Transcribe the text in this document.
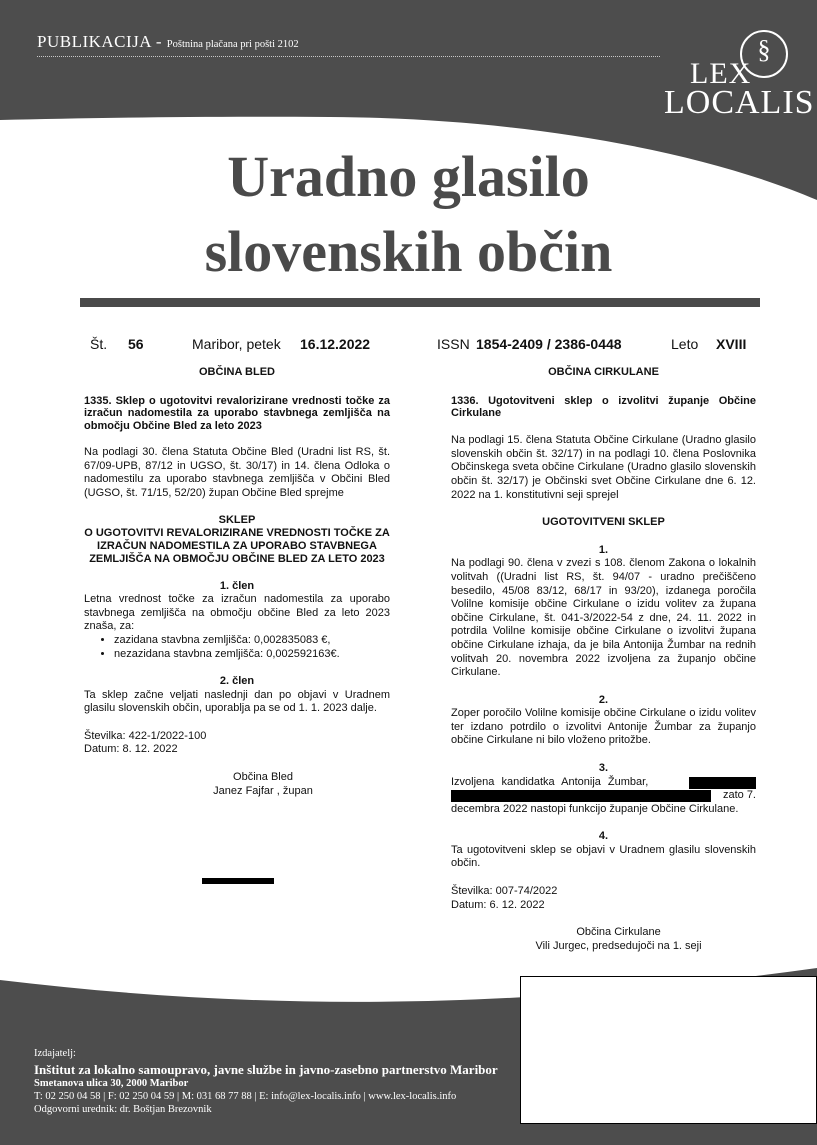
PUBLIKACIJA - Poštnina plačana pri pošti 2102	§
LEX
LOCALIS
Uradno glasilo
slovenskih občin
Št. 56	Maribor, petek 16.12.2022	ISSN 1854-2409 / 2386-0448	Leto XVIII
OBČINA BLED
1335. Sklep o ugotovitvi revalorizirane vrednosti točke za izračun nadomestila za uporabo stavbnega zemljišča na območju Občine Bled za leto 2023
Na podlagi 30. člena Statuta Občine Bled (Uradni list RS, št. 67/09-UPB, 87/12 in UGSO, št. 30/17) in 14. člena Odloka o nadomestilu za uporabo stavbnega zemljišča v Občini Bled (UGSO, št. 71/15, 52/20) župan Občine Bled sprejme
SKLEP
O UGOTOVITVI REVALORIZIRANE VREDNOSTI TOČKE ZA IZRAČUN NADOMESTILA ZA UPORABO STAVBNEGA ZEMLJIŠČA NA OBMOČJU OBČINE BLED ZA LETO 2023
1. člen
Letna vrednost točke za izračun nadomestila za uporabo stavbnega zemljišča na območju občine Bled za leto 2023 znaša, za:
• zazidana stavbna zemljišča: 0,002835083 €,
• nezazidana stavbna zemljišča: 0,002592163€.
2. člen
Ta sklep začne veljati naslednji dan po objavi v Uradnem glasilu slovenskih občin, uporablja pa se od 1. 1. 2023 dalje.
Številka: 422-1/2022-100
Datum: 8. 12. 2022
Občina Bled
Janez Fajfar , župan
OBČINA CIRKULANE
1336. Ugotovitveni sklep o izvolitvi županje Občine Cirkulane
Na podlagi 15. člena Statuta Občine Cirkulane (Uradno glasilo slovenskih občin št. 32/17) in na podlagi 10. člena Poslovnika Občinskega sveta občine Cirkulane (Uradno glasilo slovenskih občin št. 32/17) je Občinski svet Občine Cirkulane dne 6. 12. 2022 na 1. konstitutivni seji sprejel
UGOTOVITVENI SKLEP
1.
Na podlagi 90. člena v zvezi s 108. členom Zakona o lokalnih volitvah ((Uradni list RS, št. 94/07 - uradno prečiščeno besedilo, 45/08 83/12, 68/17 in 93/20), izdanega poročila Volilne komisije občine Cirkulane o izidu volitev za župana občine Cirkulane, št. 041-3/2022-54 z dne, 24. 11. 2022 in potrdila Volilne komisije občine Cirkulane o izvolitvi župana občine Cirkulane izhaja, da je bila Antonija Žumbar na rednih volitvah 20. novembra 2022 izvoljena za županjo občine Cirkulane.
2.
Zoper poročilo Volilne komisije občine Cirkulane o izidu volitev ter izdano potrdilo o izvolitvi Antonije Žumbar za županjo občine Cirkulane ni bilo vloženo pritožbe.
3.
Izvoljena kandidatka Antonija Žumbar,
zato 7.
decembra 2022 nastopi funkcijo županje Občine Cirkulane.
4.
Ta ugotovitveni sklep se objavi v Uradnem glasilu slovenskih občin.
Številka: 007-74/2022
Datum: 6. 12. 2022
Občina Cirkulane
Vili Jurgec, predsedujoči na 1. seji
Izdajatelj:
Inštitut za lokalno samoupravo, javne službe in javno-zasebno partnerstvo Maribor
Smetanova ulica 30, 2000 Maribor
T: 02 250 04 58 | F: 02 250 04 59 | M: 031 68 77 88 | E: info@lex-localis.info | www.lex-localis.info
Odgovorni urednik: dr. Boštjan Brezovnik
